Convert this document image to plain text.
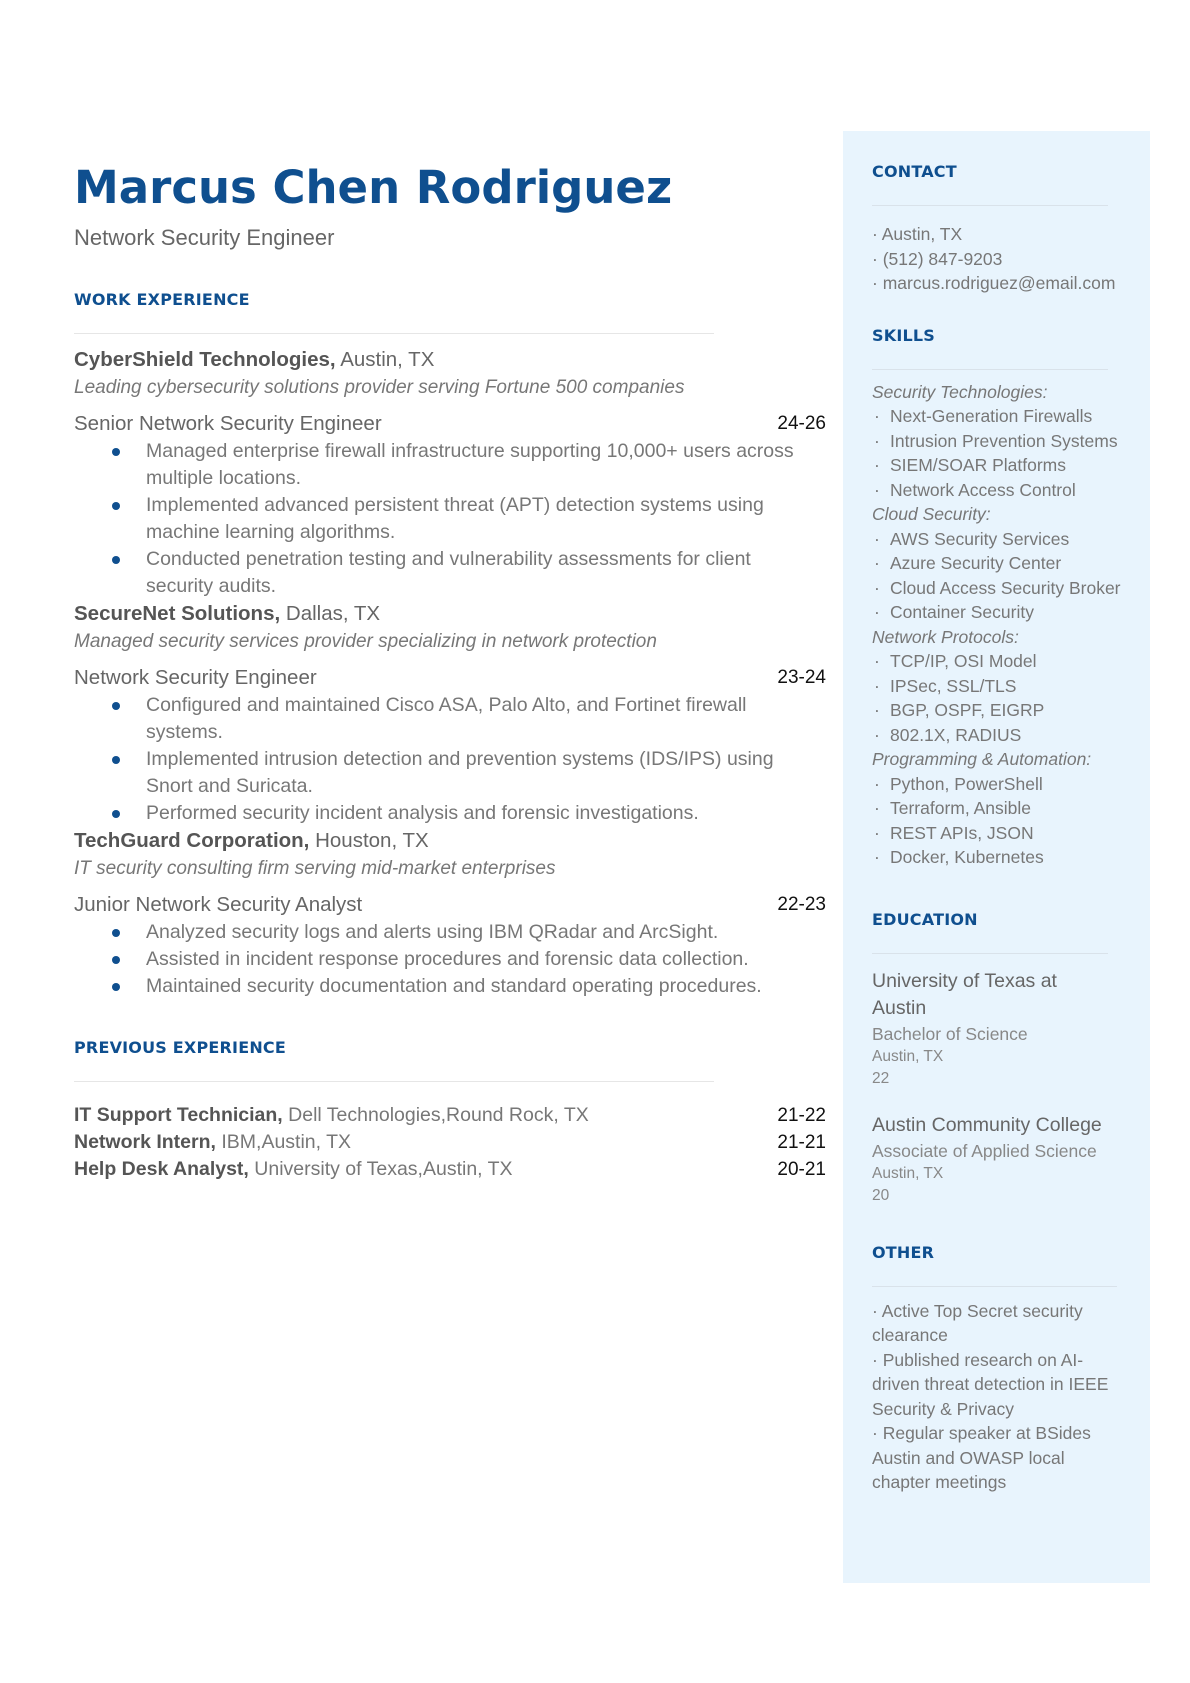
Marcus Chen Rodriguez
Network Security Engineer
WORK EXPERIENCE
CyberShield Technologies, Austin, TX
Leading cybersecurity solutions provider serving Fortune 500 companies
Senior Network Security Engineer	24-26
Managed enterprise firewall infrastructure supporting 10,000+ users across multiple locations.
Implemented advanced persistent threat (APT) detection systems using machine learning algorithms.
Conducted penetration testing and vulnerability assessments for client security audits.
SecureNet Solutions, Dallas, TX
Managed security services provider specializing in network protection
Network Security Engineer	23-24
Configured and maintained Cisco ASA, Palo Alto, and Fortinet firewall systems.
Implemented intrusion detection and prevention systems (IDS/IPS) using Snort and Suricata.
Performed security incident analysis and forensic investigations.
TechGuard Corporation, Houston, TX
IT security consulting firm serving mid-market enterprises
Junior Network Security Analyst	22-23
Analyzed security logs and alerts using IBM QRadar and ArcSight.
Assisted in incident response procedures and forensic data collection.
Maintained security documentation and standard operating procedures.
PREVIOUS EXPERIENCE
IT Support Technician, Dell Technologies,Round Rock, TX	21-22
Network Intern, IBM,Austin, TX	21-21
Help Desk Analyst, University of Texas,Austin, TX	20-21
CONTACT
· Austin, TX
· (512) 847-9203
· marcus.rodriguez@email.com
SKILLS
Security Technologies:
· Next-Generation Firewalls
· Intrusion Prevention Systems
· SIEM/SOAR Platforms
· Network Access Control
Cloud Security:
· AWS Security Services
· Azure Security Center
· Cloud Access Security Broker
· Container Security
Network Protocols:
· TCP/IP, OSI Model
· IPSec, SSL/TLS
· BGP, OSPF, EIGRP
· 802.1X, RADIUS
Programming & Automation:
· Python, PowerShell
· Terraform, Ansible
· REST APIs, JSON
· Docker, Kubernetes
EDUCATION
University of Texas at Austin
Bachelor of Science
Austin, TX
22
Austin Community College
Associate of Applied Science
Austin, TX
20
OTHER
· Active Top Secret security clearance
· Published research on AI-driven threat detection in IEEE Security & Privacy
· Regular speaker at BSides Austin and OWASP local chapter meetings
